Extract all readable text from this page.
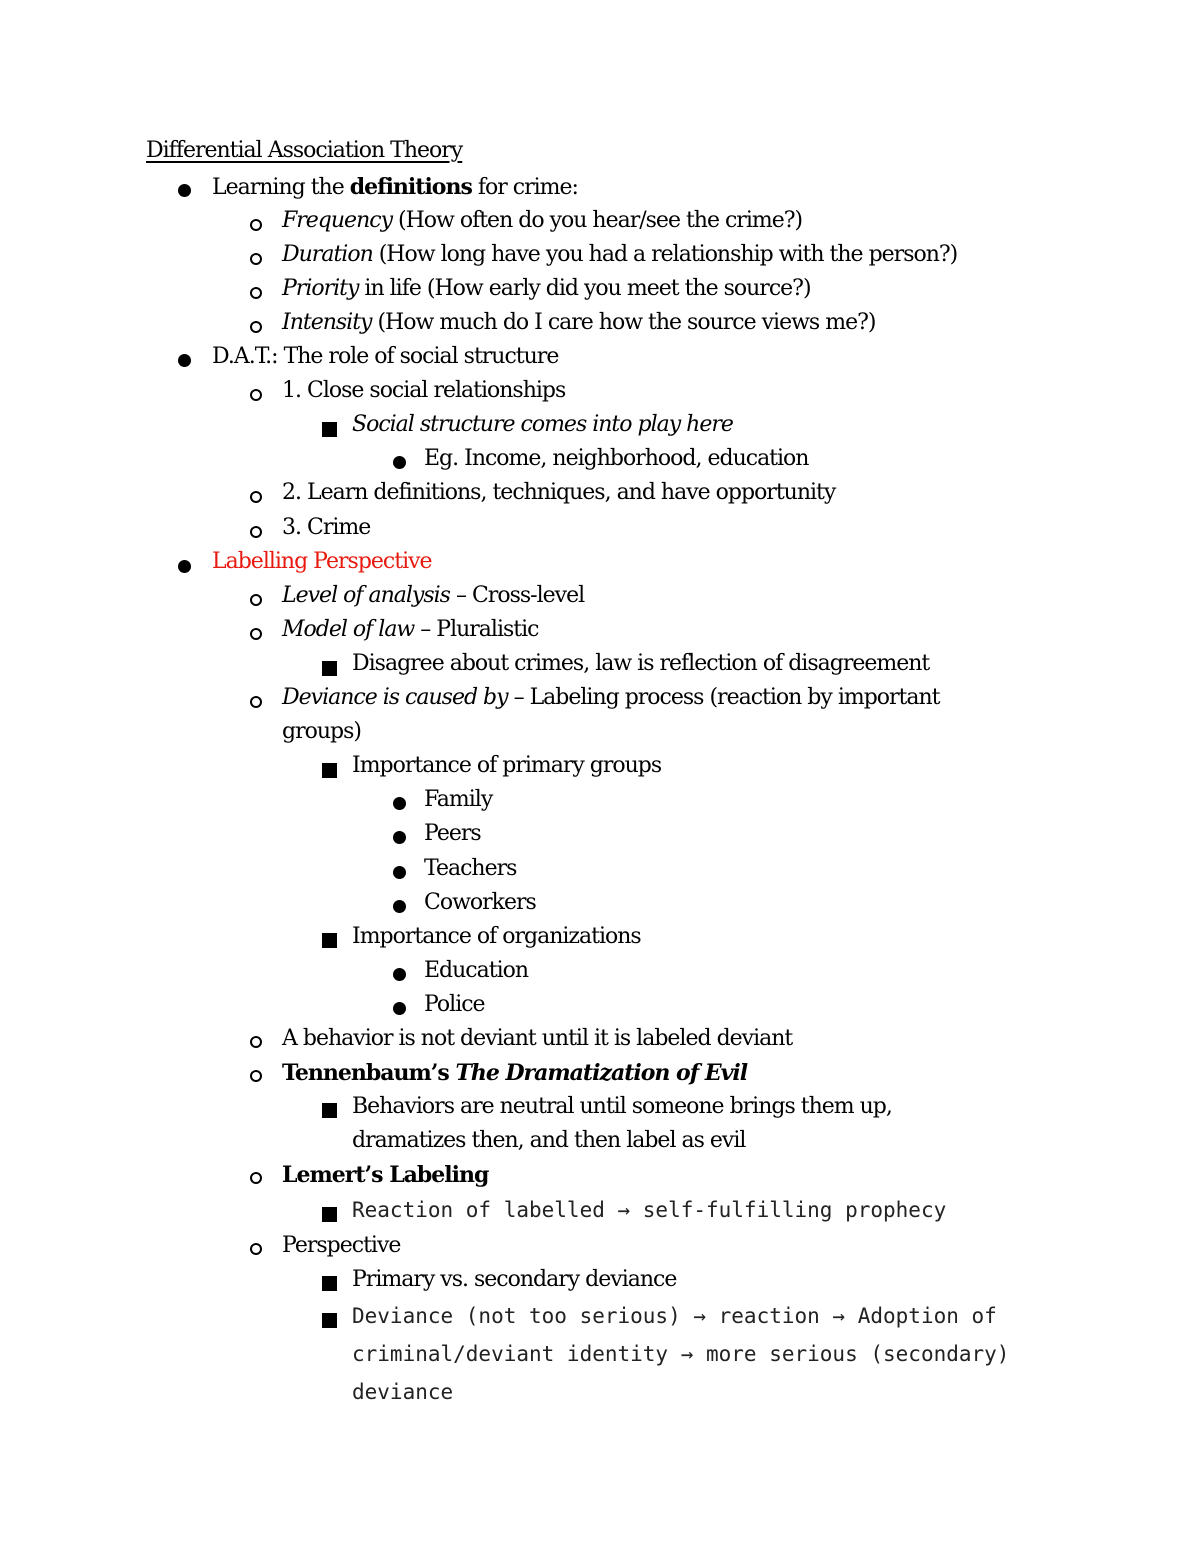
Differential Association Theory
Learning the definitions for crime:
Frequency (How often do you hear/see the crime?)
Duration (How long have you had a relationship with the person?)
Priority in life (How early did you meet the source?)
Intensity (How much do I care how the source views me?)
D.A.T.: The role of social structure
1. Close social relationships
Social structure comes into play here
Eg. Income, neighborhood, education
2. Learn definitions, techniques, and have opportunity
3. Crime
Labelling Perspective
Level of analysis – Cross-level
Model of law – Pluralistic
Disagree about crimes, law is reflection of disagreement
Deviance is caused by – Labeling process (reaction by important
groups)
Importance of primary groups
Family
Peers
Teachers
Coworkers
Importance of organizations
Education
Police
A behavior is not deviant until it is labeled deviant
Tennenbaum’s The Dramatization of Evil
Behaviors are neutral until someone brings them up,
dramatizes then, and then label as evil
Lemert’s Labeling
Reaction of labelled → self-fulfilling prophecy
Perspective
Primary vs. secondary deviance
Deviance (not too serious) → reaction → Adoption of
criminal/deviant identity → more serious (secondary)
deviance
